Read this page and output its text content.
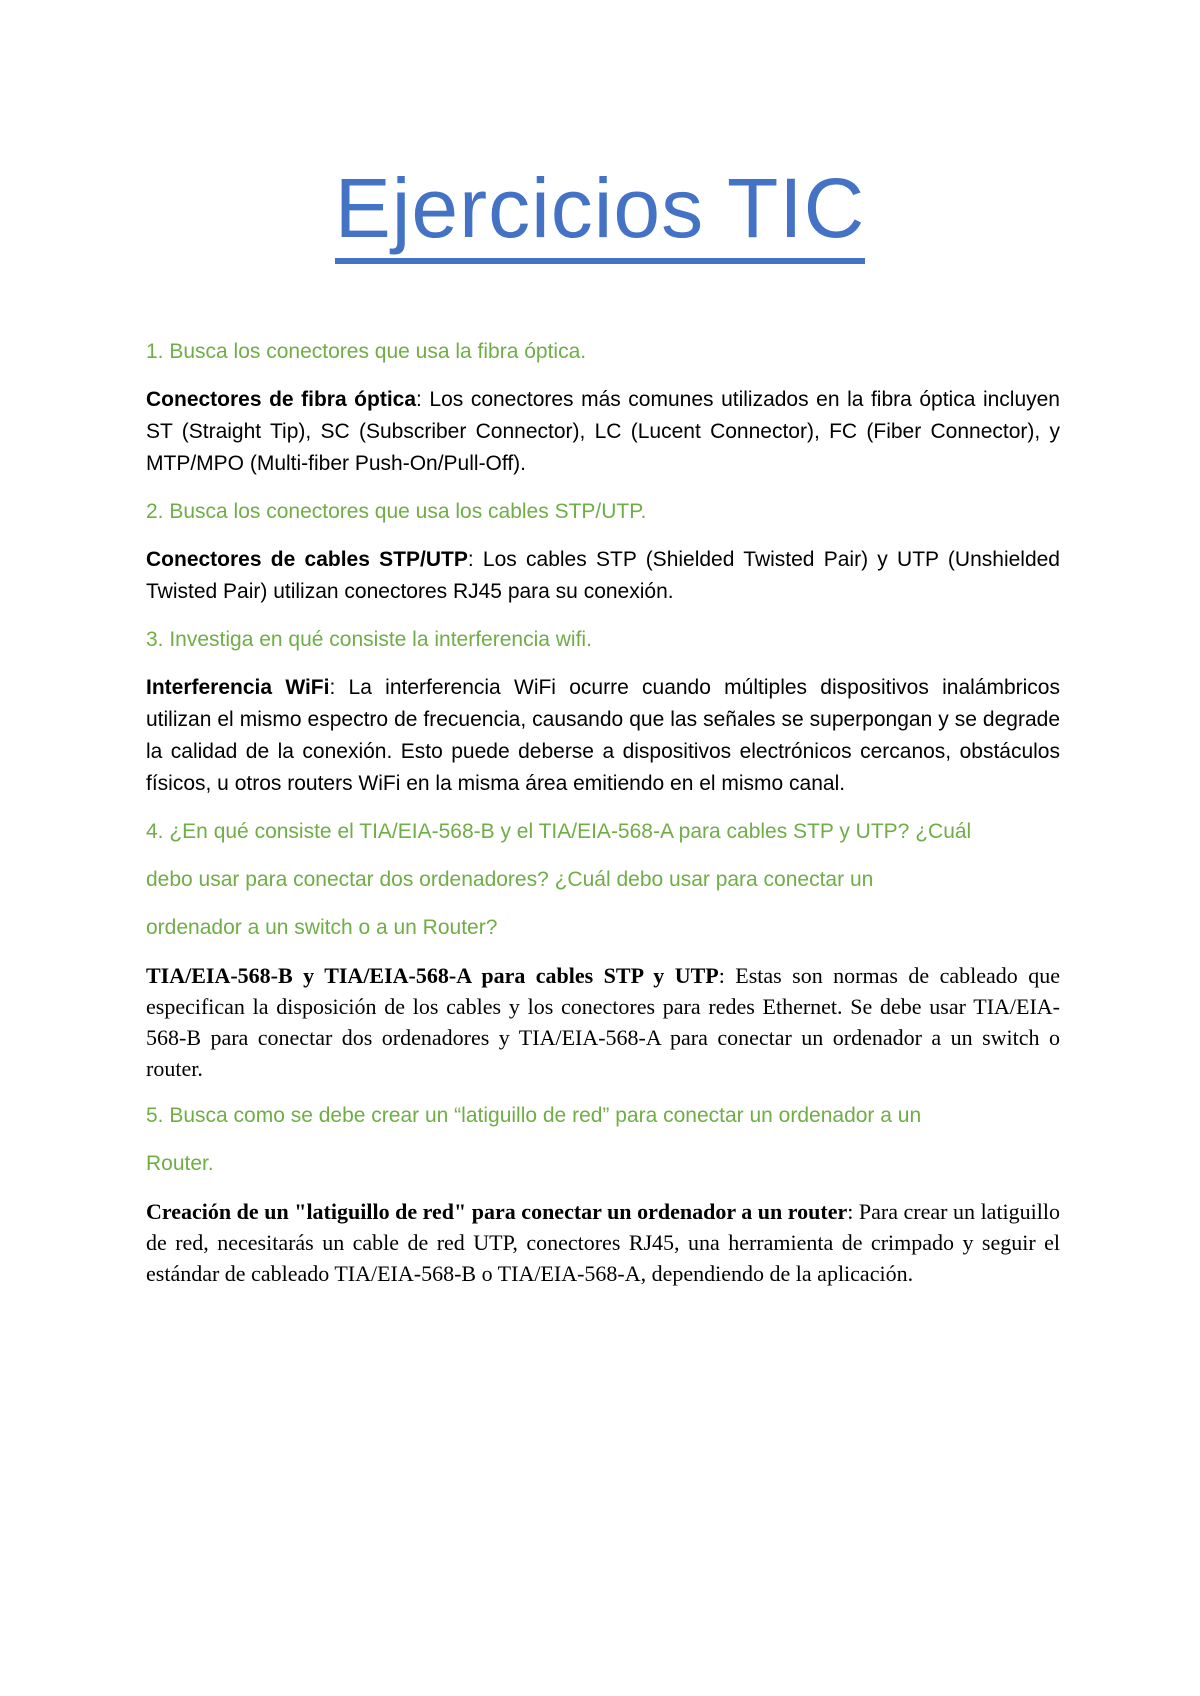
Ejercicios TIC

1. Busca los conectores que usa la fibra óptica.

Conectores de fibra óptica: Los conectores más comunes utilizados en la fibra óptica incluyen ST (Straight Tip), SC (Subscriber Connector), LC (Lucent Connector), FC (Fiber Connector), y MTP/MPO (Multi-fiber Push-On/Pull-Off).

2. Busca los conectores que usa los cables STP/UTP.

Conectores de cables STP/UTP: Los cables STP (Shielded Twisted Pair) y UTP (Unshielded Twisted Pair) utilizan conectores RJ45 para su conexión.

3. Investiga en qué consiste la interferencia wifi.

Interferencia WiFi: La interferencia WiFi ocurre cuando múltiples dispositivos inalámbricos utilizan el mismo espectro de frecuencia, causando que las señales se superpongan y se degrade la calidad de la conexión. Esto puede deberse a dispositivos electrónicos cercanos, obstáculos físicos, u otros routers WiFi en la misma área emitiendo en el mismo canal.

4. ¿En qué consiste el TIA/EIA-568-B y el TIA/EIA-568-A para cables STP y UTP? ¿Cuál

debo usar para conectar dos ordenadores? ¿Cuál debo usar para conectar un

ordenador a un switch o a un Router?

TIA/EIA-568-B y TIA/EIA-568-A para cables STP y UTP: Estas son normas de cableado que especifican la disposición de los cables y los conectores para redes Ethernet. Se debe usar TIA/EIA-568-B para conectar dos ordenadores y TIA/EIA-568-A para conectar un ordenador a un switch o router.

5. Busca como se debe crear un “latiguillo de red” para conectar un ordenador a un

Router.

Creación de un "latiguillo de red" para conectar un ordenador a un router: Para crear un latiguillo de red, necesitarás un cable de red UTP, conectores RJ45, una herramienta de crimpado y seguir el estándar de cableado TIA/EIA-568-B o TIA/EIA-568-A, dependiendo de la aplicación.
